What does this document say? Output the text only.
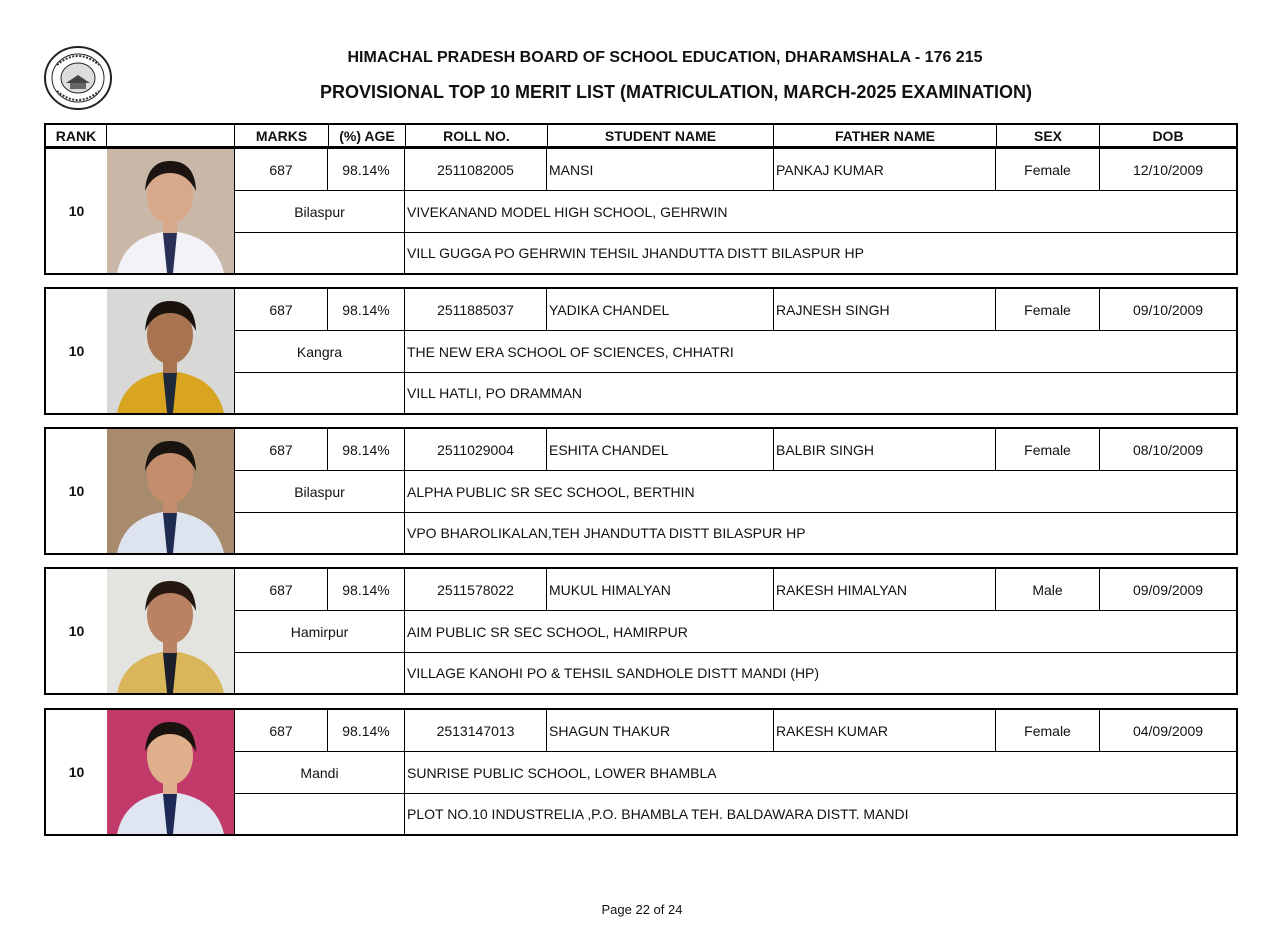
HIMACHAL PRADESH BOARD OF SCHOOL EDUCATION, DHARAMSHALA - 176 215
PROVISIONAL TOP 10 MERIT LIST (MATRICULATION, MARCH-2025 EXAMINATION)
RANK	MARKS	(%) AGE	ROLL NO.	STUDENT NAME	FATHER NAME	SEX	DOB
10
687	98.14%	2511082005	MANSI	PANKAJ KUMAR	Female	12/10/2009
Bilaspur	VIVEKANAND MODEL HIGH SCHOOL, GEHRWIN
VILL GUGGA PO GEHRWIN TEHSIL JHANDUTTA DISTT BILASPUR HP
10
687	98.14%	2511885037	YADIKA CHANDEL	RAJNESH SINGH	Female	09/10/2009
Kangra	THE NEW ERA SCHOOL OF SCIENCES, CHHATRI
VILL HATLI, PO DRAMMAN
10
687	98.14%	2511029004	ESHITA CHANDEL	BALBIR SINGH	Female	08/10/2009
Bilaspur	ALPHA PUBLIC SR SEC SCHOOL, BERTHIN
VPO BHAROLIKALAN,TEH JHANDUTTA DISTT BILASPUR HP
10
687	98.14%	2511578022	MUKUL HIMALYAN	RAKESH HIMALYAN	Male	09/09/2009
Hamirpur	AIM PUBLIC SR SEC SCHOOL, HAMIRPUR
VILLAGE KANOHI PO & TEHSIL SANDHOLE DISTT MANDI (HP)
10
687	98.14%	2513147013	SHAGUN THAKUR	RAKESH KUMAR	Female	04/09/2009
Mandi	SUNRISE PUBLIC SCHOOL, LOWER BHAMBLA
PLOT NO.10 INDUSTRELIA ,P.O. BHAMBLA TEH. BALDAWARA DISTT. MANDI
Page 22 of 24
